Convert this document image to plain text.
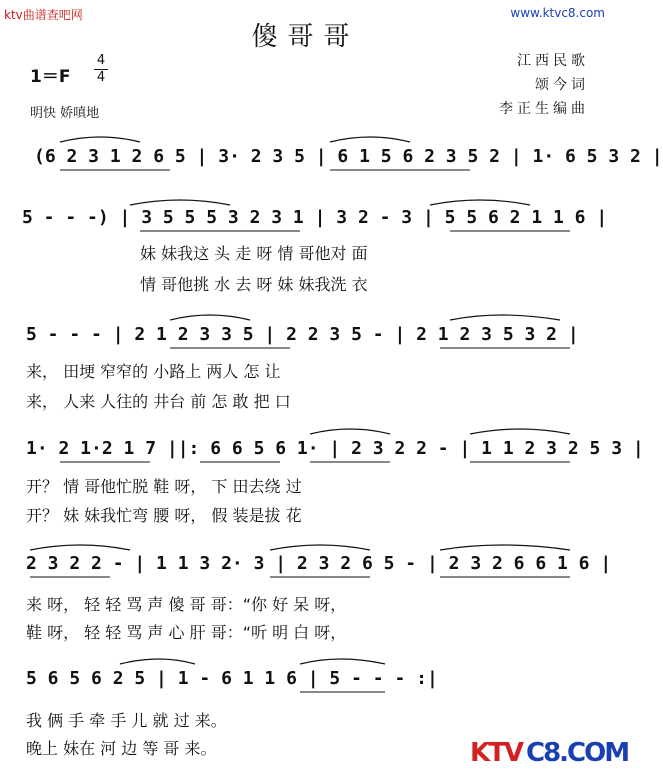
ktv曲谱查吧网	www.ktvc8.com
傻哥哥
江西民歌
颂今词
李正生编曲
1＝F
4
4
明快 娇嗔地
(6 2 3 1 2 6 5 | 3· 2 3 5 | 6 1 5 6 2 3 5 2 | 1· 6 5 3 2 |
5 - - -) | 3 5 5 5 3 2 3 1 | 3 2 - 3 | 5 5 6 2 1 1 6 |
妹 妹我这 头 走 呀 情 哥他对 面
情 哥他挑 水 去 呀 妹 妹我洗 衣
5 - - - | 2 1 2 3 3 5 | 2 2 3 5 - | 2 1 2 3 5 3 2 |
来， 田埂 窄窄的 小路上 两人 怎 让
来， 人来 人往的 井台 前 怎 敢 把 口
1· 2 1·2 1 7 ||: 6 6 5 6 1· | 2 3 2 2 - | 1 1 2 3 2 5 3 |
开？ 情 哥他忙脱 鞋 呀， 下 田去绕 过
开？ 妹 妹我忙弯 腰 呀， 假 装是拔 花
2 3 2 2 - | 1 1 3 2· 3 | 2 3 2 6 5 - | 2 3 2 6 6 1 6 |
来 呀， 轻 轻 骂 声 傻 哥 哥：“你 好 呆 呀，
鞋 呀， 轻 轻 骂 声 心 肝 哥：“听 明 白 呀，
5 6 5 6 2 5 | 1 - 6 1 1 6 | 5 - - - :|
我 俩 手 牵 手 儿 就 过 来。
晚上 妹在 河 边 等 哥 来。	KTV C8.COM
